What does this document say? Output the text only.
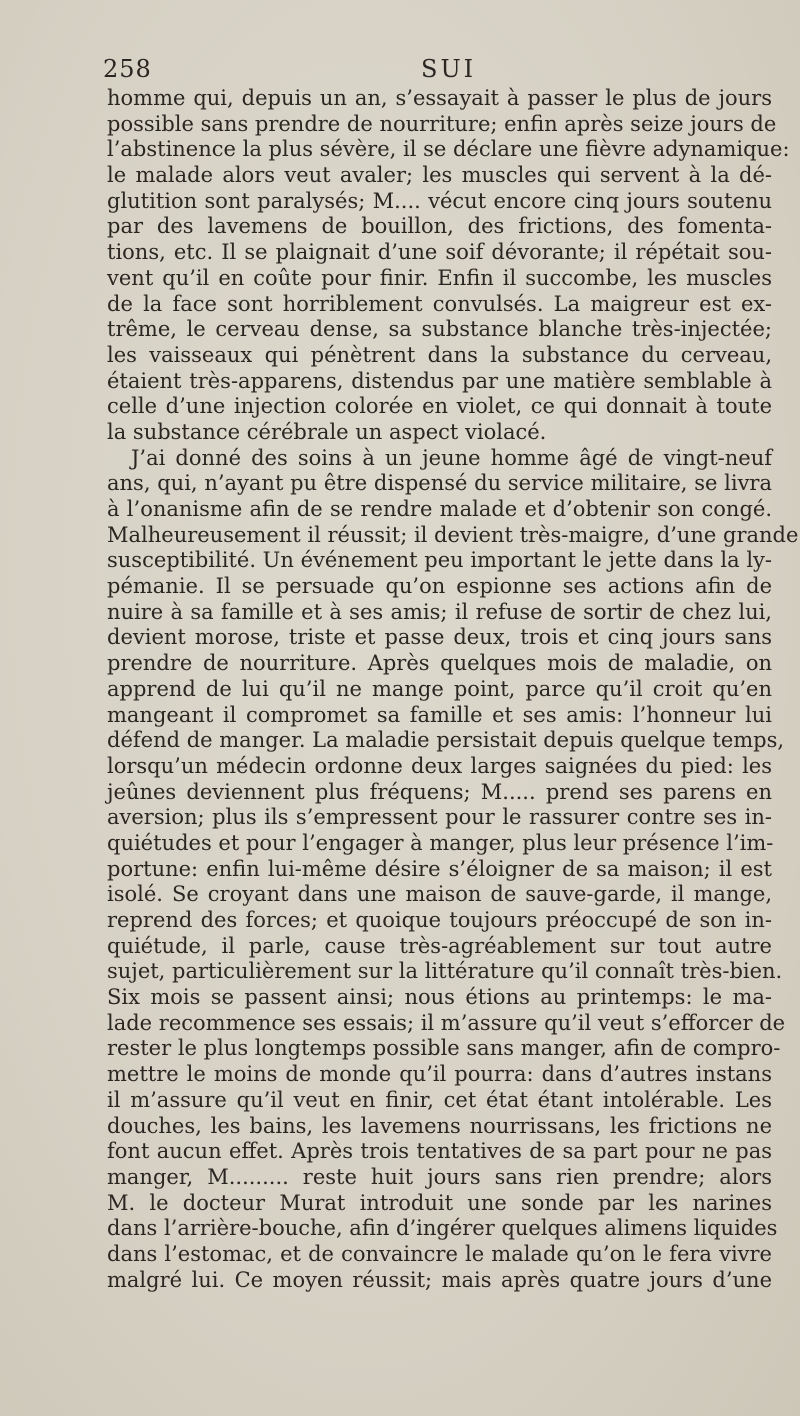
258	SUI
homme qui, depuis un an, s’essayait à passer le plus de jours
possible sans prendre de nourriture; enfin après seize jours de
l’abstinence la plus sévère, il se déclare une fièvre adynamique:
le malade alors veut avaler; les muscles qui servent à la dé-
glutition sont paralysés; M.... vécut encore cinq jours soutenu
par des lavemens de bouillon, des frictions, des fomenta-
tions, etc. Il se plaignait d’une soif dévorante; il répétait sou-
vent qu’il en coûte pour finir. Enfin il succombe, les muscles
de la face sont horriblement convulsés. La maigreur est ex-
trême, le cerveau dense, sa substance blanche très-injectée;
les vaisseaux qui pénètrent dans la substance du cerveau,
étaient très-apparens, distendus par une matière semblable à
celle d’une injection colorée en violet, ce qui donnait à toute
la substance cérébrale un aspect violacé.
J’ai donné des soins à un jeune homme âgé de vingt-neuf
ans, qui, n’ayant pu être dispensé du service militaire, se livra
à l’onanisme afin de se rendre malade et d’obtenir son congé.
Malheureusement il réussit; il devient très-maigre, d’une grande
susceptibilité. Un événement peu important le jette dans la ly-
pémanie. Il se persuade qu’on espionne ses actions afin de
nuire à sa famille et à ses amis; il refuse de sortir de chez lui,
devient morose, triste et passe deux, trois et cinq jours sans
prendre de nourriture. Après quelques mois de maladie, on
apprend de lui qu’il ne mange point, parce qu’il croit qu’en
mangeant il compromet sa famille et ses amis: l’honneur lui
défend de manger. La maladie persistait depuis quelque temps,
lorsqu’un médecin ordonne deux larges saignées du pied: les
jeûnes deviennent plus fréquens; M..... prend ses parens en
aversion; plus ils s’empressent pour le rassurer contre ses in-
quiétudes et pour l’engager à manger, plus leur présence l’im-
portune: enfin lui-même désire s’éloigner de sa maison; il est
isolé. Se croyant dans une maison de sauve-garde, il mange,
reprend des forces; et quoique toujours préoccupé de son in-
quiétude, il parle, cause très-agréablement sur tout autre
sujet, particulièrement sur la littérature qu’il connaît très-bien.
Six mois se passent ainsi; nous étions au printemps: le ma-
lade recommence ses essais; il m’assure qu’il veut s’efforcer de
rester le plus longtemps possible sans manger, afin de compro-
mettre le moins de monde qu’il pourra: dans d’autres instans
il m’assure qu’il veut en finir, cet état étant intolérable. Les
douches, les bains, les lavemens nourrissans, les frictions ne
font aucun effet. Après trois tentatives de sa part pour ne pas
manger, M......... reste huit jours sans rien prendre; alors
M. le docteur Murat introduit une sonde par les narines
dans l’arrière-bouche, afin d’ingérer quelques alimens liquides
dans l’estomac, et de convaincre le malade qu’on le fera vivre
malgré lui. Ce moyen réussit; mais après quatre jours d’une
